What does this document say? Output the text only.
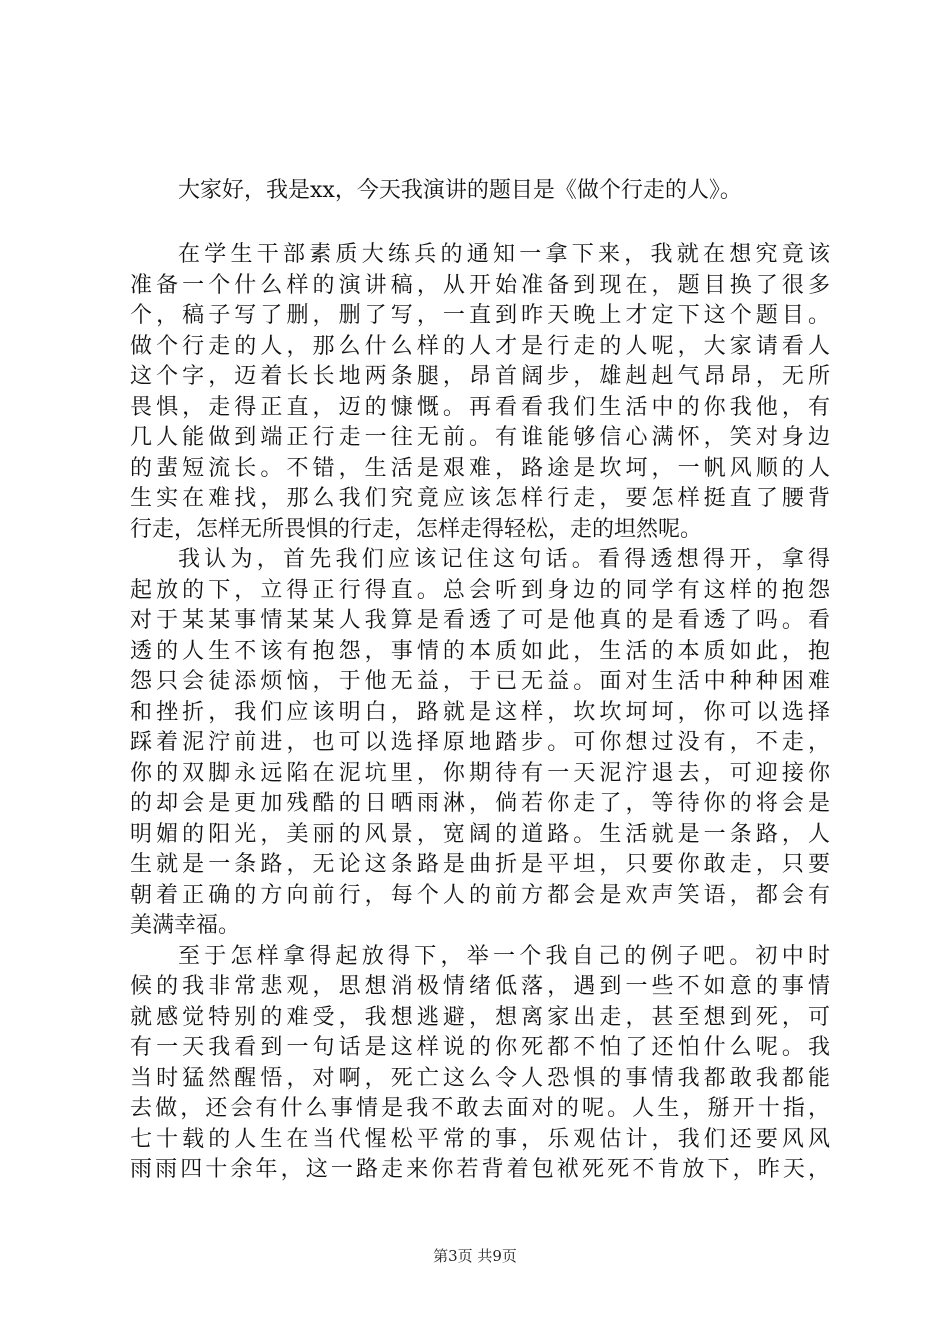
大家好，我是xx，今天我演讲的题目是《做个行走的人》。

在学生干部素质大练兵的通知一拿下来，我就在想究竟该
准备一个什么样的演讲稿，从开始准备到现在，题目换了很多
个，稿子写了删，删了写，一直到昨天晚上才定下这个题目。
做个行走的人，那么什么样的人才是行走的人呢，大家请看人
这个字，迈着长长地两条腿，昂首阔步，雄赳赳气昂昂，无所
畏惧，走得正直，迈的慷慨。再看看我们生活中的你我他，有
几人能做到端正行走一往无前。有谁能够信心满怀，笑对身边
的蜚短流长。不错，生活是艰难，路途是坎坷，一帆风顺的人
生实在难找，那么我们究竟应该怎样行走，要怎样挺直了腰背
行走，怎样无所畏惧的行走，怎样走得轻松，走的坦然呢。
我认为，首先我们应该记住这句话。看得透想得开，拿得
起放的下，立得正行得直。总会听到身边的同学有这样的抱怨
对于某某事情某某人我算是看透了可是他真的是看透了吗。看
透的人生不该有抱怨，事情的本质如此，生活的本质如此，抱
怨只会徒添烦恼，于他无益，于已无益。面对生活中种种困难
和挫折，我们应该明白，路就是这样，坎坎坷坷，你可以选择
踩着泥泞前进，也可以选择原地踏步。可你想过没有，不走，
你的双脚永远陷在泥坑里，你期待有一天泥泞退去，可迎接你
的却会是更加残酷的日晒雨淋，倘若你走了，等待你的将会是
明媚的阳光，美丽的风景，宽阔的道路。生活就是一条路，人
生就是一条路，无论这条路是曲折是平坦，只要你敢走，只要
朝着正确的方向前行，每个人的前方都会是欢声笑语，都会有
美满幸福。
至于怎样拿得起放得下，举一个我自己的例子吧。初中时
候的我非常悲观，思想消极情绪低落，遇到一些不如意的事情
就感觉特别的难受，我想逃避，想离家出走，甚至想到死，可
有一天我看到一句话是这样说的你死都不怕了还怕什么呢。我
当时猛然醒悟，对啊，死亡这么令人恐惧的事情我都敢我都能
去做，还会有什么事情是我不敢去面对的呢。人生，掰开十指，
七十载的人生在当代惺松平常的事，乐观估计，我们还要风风
雨雨四十余年，这一路走来你若背着包袱死死不肯放下，昨天，
第3页 共9页
